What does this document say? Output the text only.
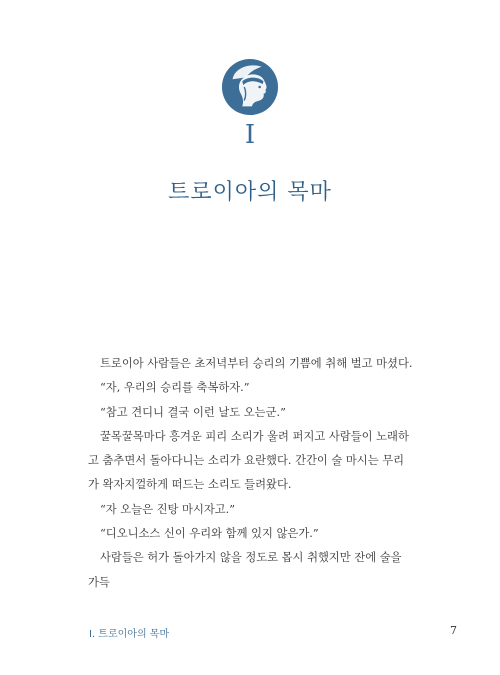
I
트로이아의 목마

트로이아 사람들은 초저녁부터 승리의 기쁨에 취해 벌고 마셨다.

“자, 우리의 승리를 축복하자.”

“참고 견디니 결국 이런 날도 오는군.”

꿀목꿀목마다 흥겨운 피리 소리가 울려 퍼지고 사람들이 노래하고 춤추면서 돌아다니는 소리가 요란했다. 간간이 술 마시는 무리가 왁자지껄하게 떠드는 소리도 들려왔다.

“자 오늘은 진탕 마시자고.”

“디오니소스 신이 우리와 함께 있지 않은가.”

사람들은 허가 돌아가지 않을 정도로 몹시 취했지만 잔에 술을 가득

I. 트로이아의 목마	7
